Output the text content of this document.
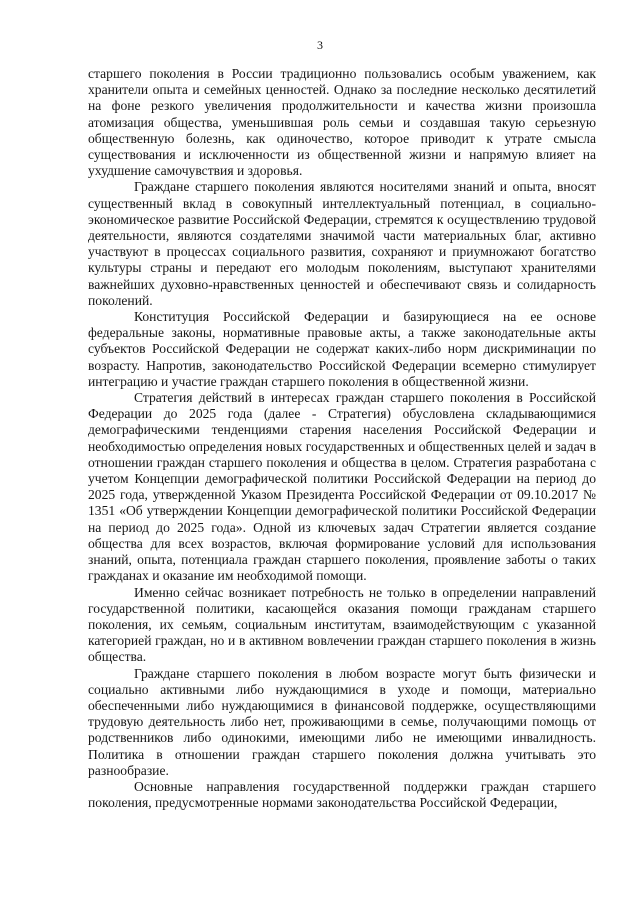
3

старшего поколения в России традиционно пользовались особым уважением, как хранители опыта и семейных ценностей. Однако за последние несколько десятилетий на фоне резкого увеличения продолжительности и качества жизни произошла атомизация общества, уменьшившая роль семьи и создавшая такую серьезную общественную болезнь, как одиночество, которое приводит к утрате смысла существования и исключенности из общественной жизни и напрямую влияет на ухудшение самочувствия и здоровья.

Граждане старшего поколения являются носителями знаний и опыта, вносят существенный вклад в совокупный интеллектуальный потенциал, в социально-экономическое развитие Российской Федерации, стремятся к осуществлению трудовой деятельности, являются создателями значимой части материальных благ, активно участвуют в процессах социального развития, сохраняют и приумножают богатство культуры страны и передают его молодым поколениям, выступают хранителями важнейших духовно-нравственных ценностей и обеспечивают связь и солидарность поколений.

Конституция Российской Федерации и базирующиеся на ее основе федеральные законы, нормативные правовые акты, а также законодательные акты субъектов Российской Федерации не содержат каких-либо норм дискриминации по возрасту. Напротив, законодательство Российской Федерации всемерно стимулирует интеграцию и участие граждан старшего поколения в общественной жизни.

Стратегия действий в интересах граждан старшего поколения в Российской Федерации до 2025 года (далее - Стратегия) обусловлена складывающимися демографическими тенденциями старения населения Российской Федерации и необходимостью определения новых государственных и общественных целей и задач в отношении граждан старшего поколения и общества в целом. Стратегия разработана с учетом Концепции демографической политики Российской Федерации на период до 2025 года, утвержденной Указом Президента Российской Федерации от 09.10.2017 № 1351 «Об утверждении Концепции демографической политики Российской Федерации на период до 2025 года». Одной из ключевых задач Стратегии является создание общества для всех возрастов, включая формирование условий для использования знаний, опыта, потенциала граждан старшего поколения, проявление заботы о таких гражданах и оказание им необходимой помощи.

Именно сейчас возникает потребность не только в определении направлений государственной политики, касающейся оказания помощи гражданам старшего поколения, их семьям, социальным институтам, взаимодействующим с указанной категорией граждан, но и в активном вовлечении граждан старшего поколения в жизнь общества.

Граждане старшего поколения в любом возрасте могут быть физически и социально активными либо нуждающимися в уходе и помощи, материально обеспеченными либо нуждающимися в финансовой поддержке, осуществляющими трудовую деятельность либо нет, проживающими в семье, получающими помощь от родственников либо одинокими, имеющими либо не имеющими инвалидность. Политика в отношении граждан старшего поколения должна учитывать это разнообразие.

Основные направления государственной поддержки граждан старшего поколения, предусмотренные нормами законодательства Российской Федерации,
